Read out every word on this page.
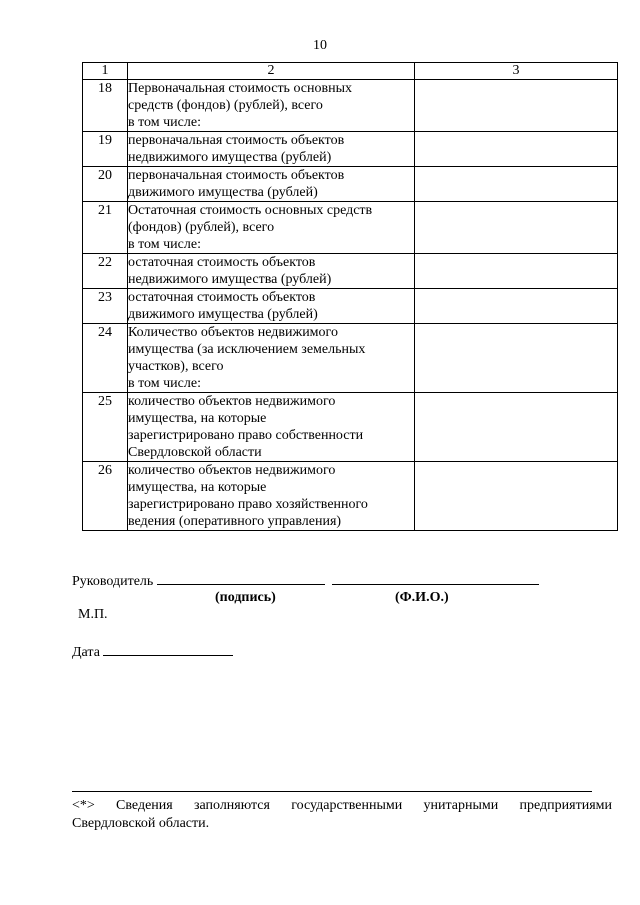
10
1	2	3
18	Первоначальная стоимость основных
средств (фондов) (рублей), всего
в том числе:	

19	первоначальная стоимость объектов
недвижимого имущества (рублей)	

20	первоначальная стоимость объектов
движимого имущества (рублей)	

21	Остаточная стоимость основных средств
(фондов) (рублей), всего
в том числе:	

22	остаточная стоимость объектов
недвижимого имущества (рублей)	

23	остаточная стоимость объектов
движимого имущества (рублей)	

24	Количество объектов недвижимого
имущества (за исключением земельных
участков), всего
в том числе:	

25	количество объектов недвижимого
имущества, на которые
зарегистрировано право собственности
Свердловской области	

26	количество объектов недвижимого
имущества, на которые
зарегистрировано право хозяйственного
ведения (оперативного управления)	

Руководитель
(подпись)	(Ф.И.О.)
М.П.
Дата
<*> Сведения заполняются государственными унитарными предприятиями
Свердловской области.
